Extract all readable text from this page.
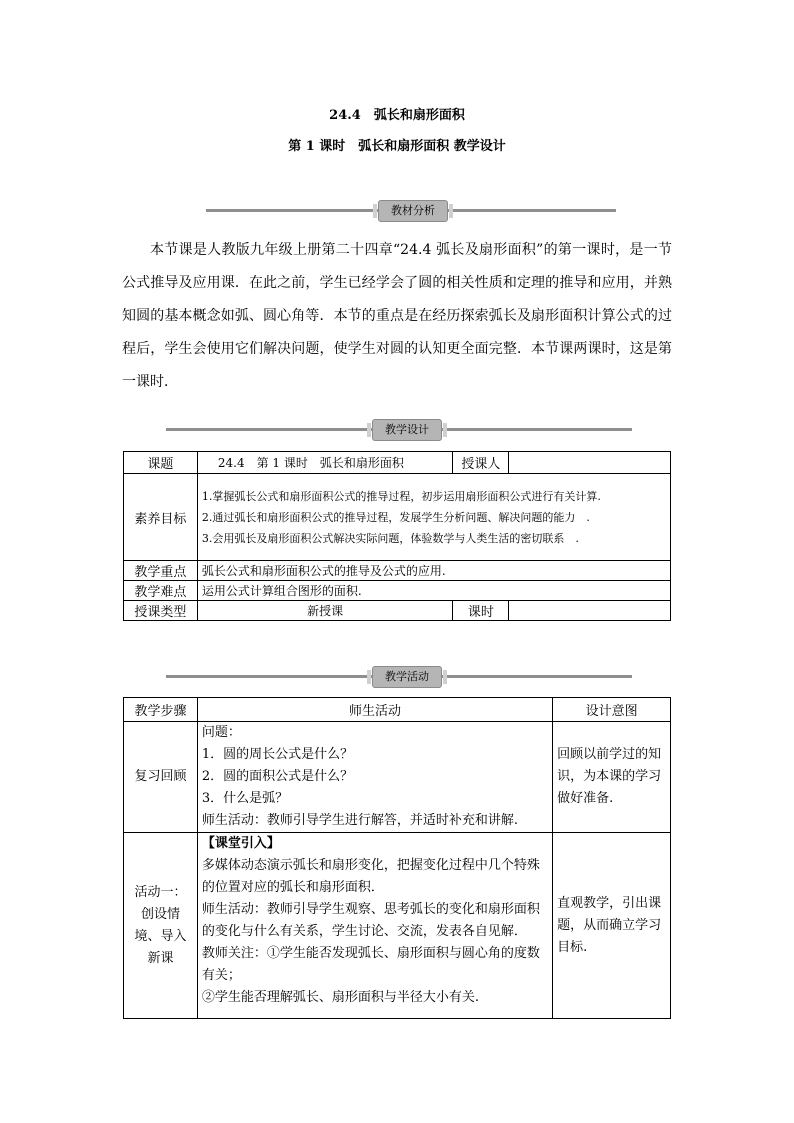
24.4　弧长和扇形面积
第 1 课时　弧长和扇形面积 教学设计
教材分析

本节课是人教版九年级上册第二十四章“24.4 弧长及扇形面积”的第一课时，是一节公式推导及应用课．在此之前，学生已经学会了圆的相关性质和定理的推导和应用，并熟知圆的基本概念如弧、圆心角等．本节的重点是在经历探索弧长及扇形面积计算公式的过程后，学生会使用它们解决问题，使学生对圆的认知更全面完整．本节课两课时，这是第一课时．

教学设计
课题	24.4　第 1 课时　弧长和扇形面积	授课人	
素养目标	1.掌握弧长公式和扇形面积公式的推导过程，初步运用扇形面积公式进行有关计算.
2.通过弧长和扇形面积公式的推导过程，发展学生分析问题、解决问题的能力　.
3.会用弧长及扇形面积公式解决实际问题，体验数学与人类生活的密切联系　.		

教学重点	弧长公式和扇形面积公式的推导及公式的应用.		
教学难点	运用公式计算组合图形的面积.		
授课类型	新授课	课时	
教学活动
教学步骤	师生活动	设计意图
复习回顾	问题：
1．圆的周长公式是什么？
2．圆的面积公式是什么？
3．什么是弧？
师生活动：教师引导学生进行解答，并适时补充和讲解.	回顾以前学过的知识，为本课的学习做好准备.
活动一：创设情境、导入新课	【课堂引入】
多媒体动态演示弧长和扇形变化，把握变化过程中几个特殊的位置对应的弧长和扇形面积．
师生活动：教师引导学生观察、思考弧长的变化和扇形面积的变化与什么有关系，学生讨论、交流，发表各自见解．
教师关注：①学生能否发现弧长、扇形面积与圆心角的度数有关；
②学生能否理解弧长、扇形面积与半径大小有关.	直观教学，引出课题，从而确立学习目标.
